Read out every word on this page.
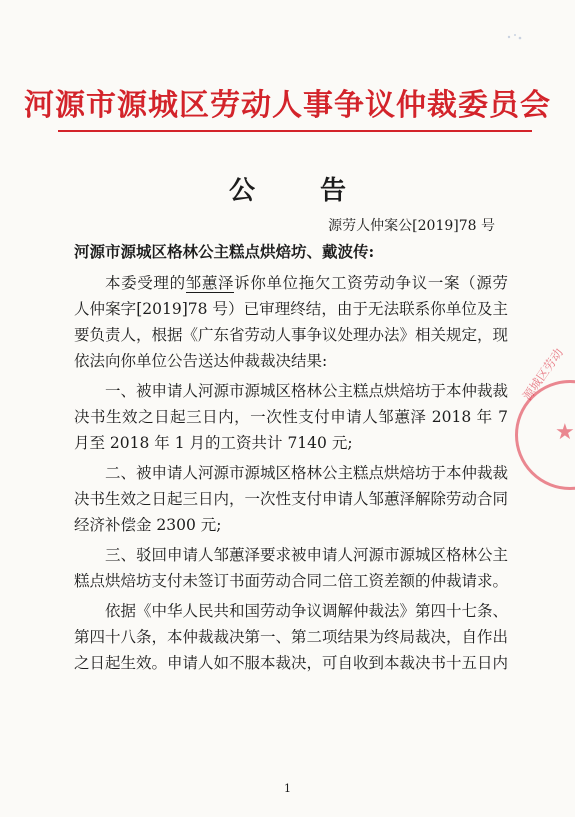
河源市源城区劳动人事争议仲裁委员会
公 告
源劳人仲案公[2019]78 号
河源市源城区格林公主糕点烘焙坊、戴波传:

本委受理的邹蕙泽诉你单位拖欠工资劳动争议一案（源劳人仲案字[2019]78 号）已审理终结，由于无法联系你单位及主要负责人，根据《广东省劳动人事争议处理办法》相关规定，现依法向你单位公告送达仲裁裁决结果:

一、被申请人河源市源城区格林公主糕点烘焙坊于本仲裁裁决书生效之日起三日内，一次性支付申请人邹蕙泽 2018 年 7 月至 2018 年 1 月的工资共计 7140 元;

二、被申请人河源市源城区格林公主糕点烘焙坊于本仲裁裁决书生效之日起三日内，一次性支付申请人邹蕙泽解除劳动合同经济补偿金 2300 元;

三、驳回申请人邹蕙泽要求被申请人河源市源城区格林公主糕点烘焙坊支付未签订书面劳动合同二倍工资差额的仲裁请求。

依据《中华人民共和国劳动争议调解仲裁法》第四十七条、第四十八条，本仲裁裁决第一、第二项结果为终局裁决，自作出之日起生效。申请人如不服本裁决，可自收到本裁决书十五日内

源城区劳动
★
1
